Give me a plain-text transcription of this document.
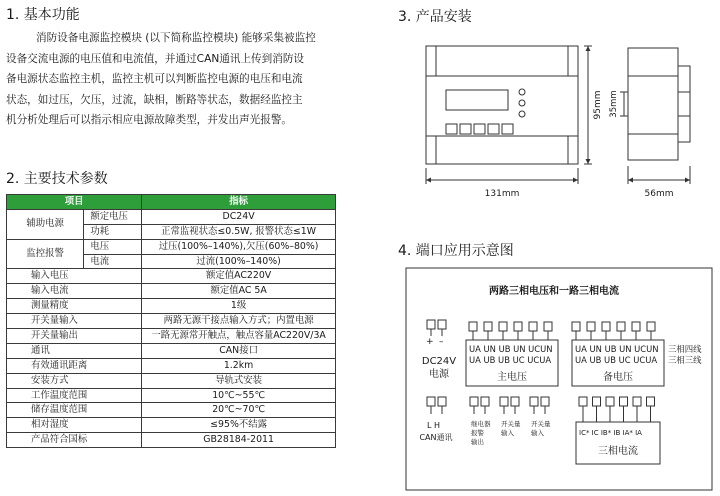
1. 基本功能
消防设备电源监控模块 (以下简称监控模块) 能够采集被监控
设备交流电源的电压值和电流值，并通过CAN通讯上传到消防设
备电源状态监控主机，监控主机可以判断监控电源的电压和电流
状态，如过压，欠压，过流，缺相，断路等状态，数据经监控主
机分析处理后可以指示相应电源故障类型，并发出声光报警。
2. 主要技术参数
项目		指标
辅助电源	额定电压	DC24V
	功耗	正常监视状态≤0.5W, 报警状态≤1W
监控报警	电压	过压(100%–140%),欠压(60%–80%)
	电流	过流(100%–140%)
输入电压		额定值AC220V
输入电流		额定值AC 5A
测量精度		1级
开关量输入		两路无源干接点输入方式；内置电源
开关量输出		一路无源常开触点，触点容量AC220V/3A
通讯		CAN接口
有效通讯距离		1.2km
安装方式		导轨式安装
工作温度范围		10℃~55℃
储存温度范围		20℃~70℃
相对湿度		≤95%不结露
产品符合国标		GB28184-2011
3. 产品安装
131mm
95mm 35mm
56mm
4. 端口应用示意图
两路三相电压和一路三相电流
+ –
DC24V
电源
UA UN UB UN UCUN
UA UB UB UC UCUA
主电压
UA UN UB UN UCUN
UA UB UB UC UCUA
备电压
三相四线
三相三线
L H
CAN通讯
继电器
报警
输出
开关量
输入
开关量
输入	IC* IC IB* IB IA* IA
三相电流
